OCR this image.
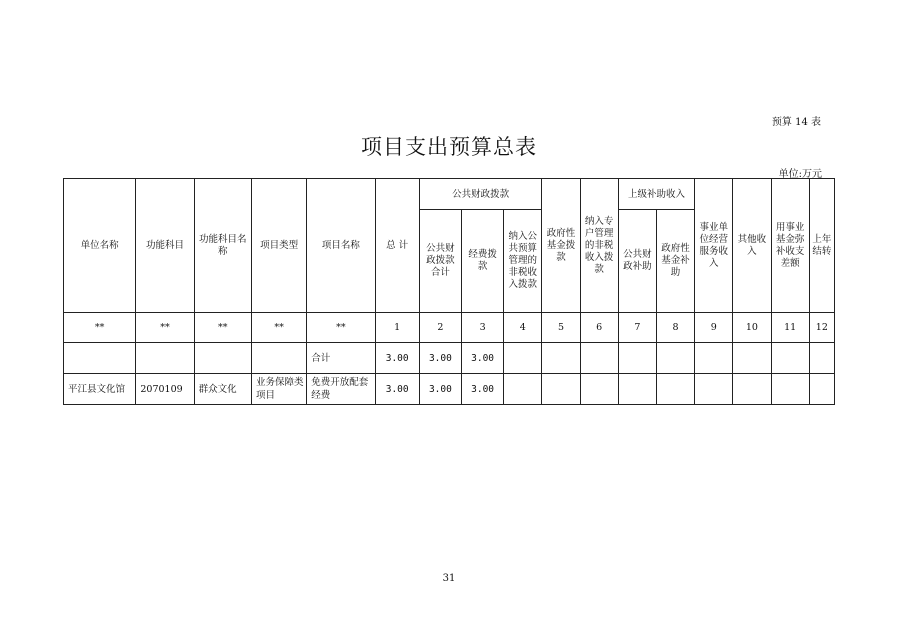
预算 14 表
项目支出预算总表
单位:万元
单位名称	功能科目	功能科目名称	项目类型	项目名称	总 计	公共财政拨款			政府性基金拨款	纳入专户管理的非税收入拨款	上级补助收入		事业单位经营服务收入	其他收入	用事业基金弥补收支差额	上年结转
						公共财政拨款合计	经费拨款	纳入公共预算管理的非税收入拨款			公共财政补助	政府性基金补助				

**	**	**	**	**	1	2	3	4	5	6	7	8	9	10	11	12
				合计	3.00	3.00	3.00									
平江县文化馆	2070109	群众文化	业务保障类项目	免费开放配套经费	3.00	3.00	3.00									
31
